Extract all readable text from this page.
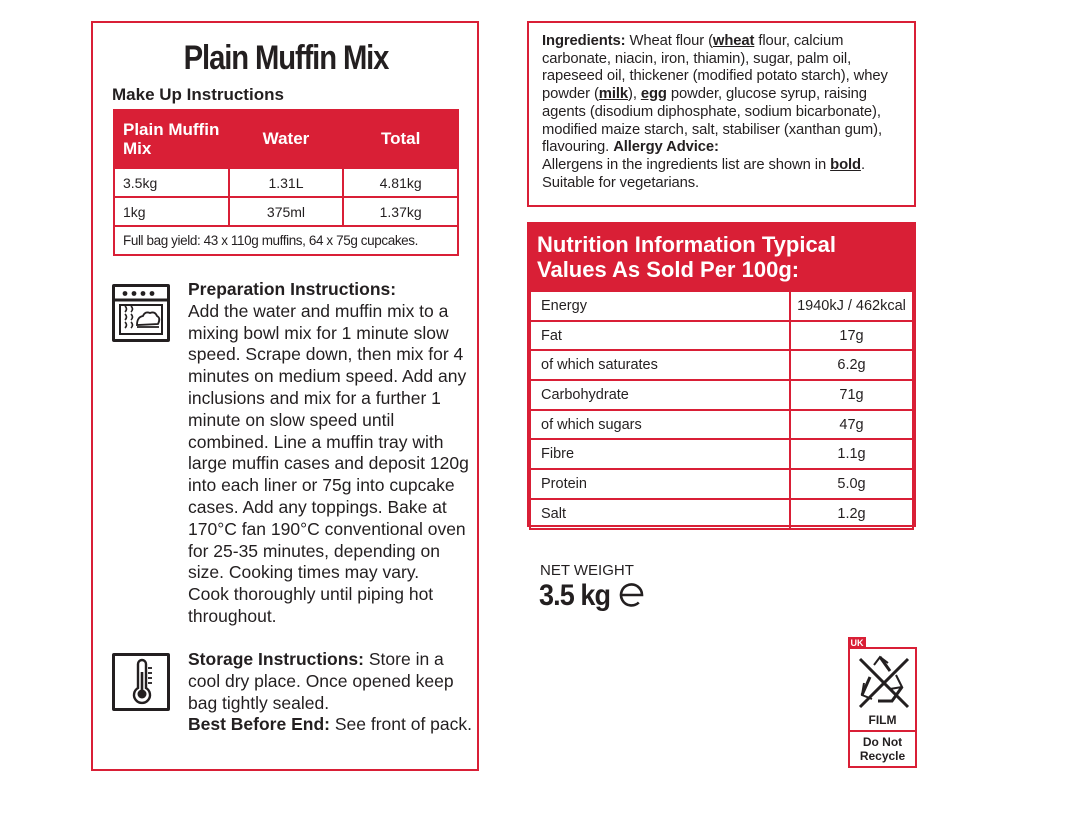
Plain Muffin Mix
Make Up Instructions
Plain Muffin Mix	Water	Total
3.5kg	1.31L	4.81kg
1kg	375ml	1.37kg
Full bag yield: 43 x 110g muffins, 64 x 75g cupcakes.		
Preparation Instructions:
Add the water and muffin mix to a mixing bowl mix for 1 minute slow speed. Scrape down, then mix for 4 minutes on medium speed. Add any inclusions and mix for a further 1 minute on slow speed until combined. Line a muffin tray with large muffin cases and deposit 120g into each liner or 75g into cupcake cases. Add any toppings. Bake at 170°C fan 190°C conventional oven for 25-35 minutes, depending on size. Cooking times may vary.
Cook thoroughly until piping hot throughout.
Storage Instructions: Store in a cool dry place. Once opened keep bag tightly sealed.
Best Before End: See front of pack.
Ingredients: Wheat flour (wheat flour, calcium carbonate, niacin, iron, thiamin), sugar, palm oil, rapeseed oil, thickener (modified potato starch), whey powder (milk), egg powder, glucose syrup, raising agents (disodium diphosphate, sodium bicarbonate), modified maize starch, salt, stabiliser (xanthan gum), flavouring. Allergy Advice:
Allergens in the ingredients list are shown in bold.
Suitable for vegetarians.
Nutrition Information Typical Values As Sold Per 100g:
Energy	1940kJ / 462kcal
Fat	17g
of which saturates	6.2g
Carbohydrate	71g
of which sugars	47g
Fibre	1.1g
Protein	5.0g
Salt	1.2g
NET WEIGHT
3.5 kg
UK
FILM
Do Not
Recycle
